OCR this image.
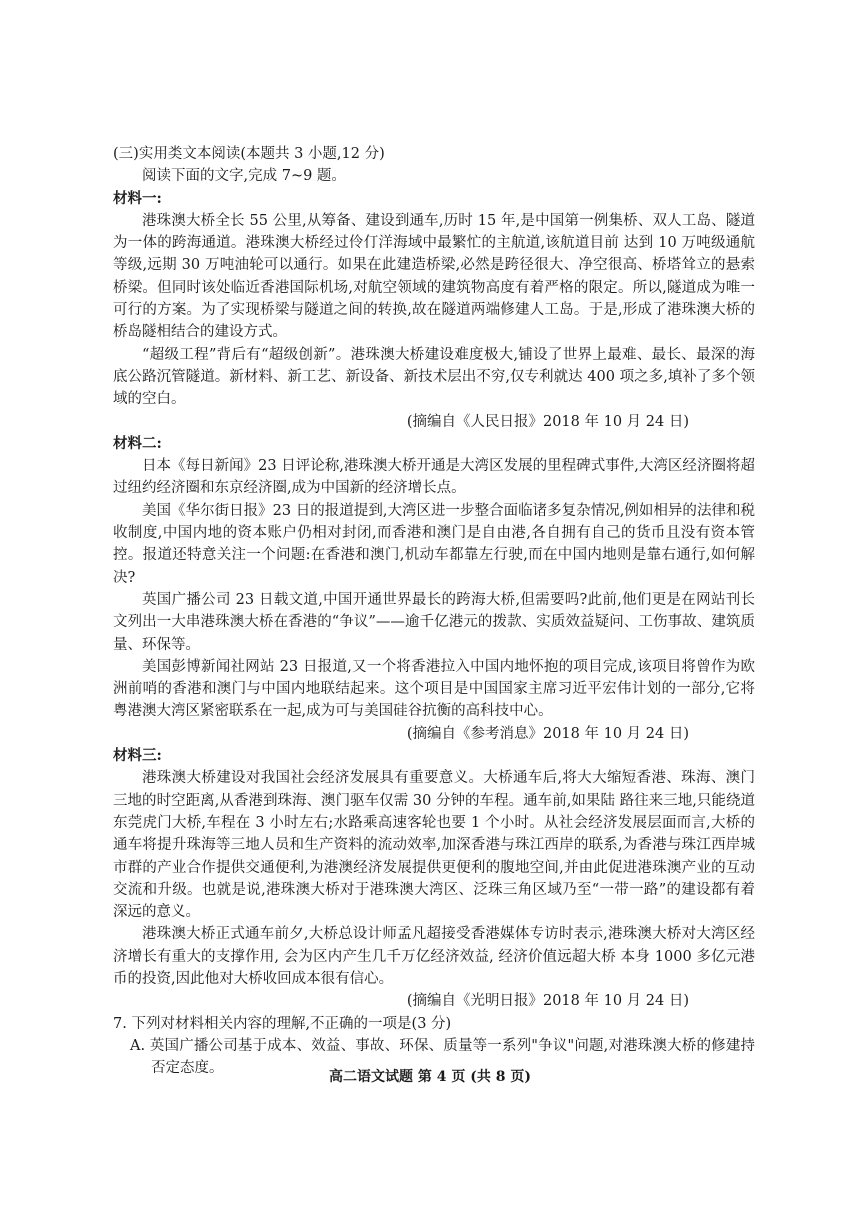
(三)实用类文本阅读(本题共 3 小题,12 分)

阅读下面的文字,完成 7~9 题。

材料一:

港珠澳大桥全长 55 公里,从筹备、建设到通车,历时 15 年,是中国第一例集桥、双人工岛、隧道为一体的跨海通道。港珠澳大桥经过伶仃洋海域中最繁忙的主航道,该航道目前 达到 10 万吨级通航等级,远期 30 万吨油轮可以通行。如果在此建造桥梁,必然是跨径很大、净空很高、桥塔耸立的悬索桥梁。但同时该处临近香港国际机场,对航空领域的建筑物高度有着严格的限定。所以,隧道成为唯一可行的方案。为了实现桥梁与隧道之间的转换,故在隧道两端修建人工岛。于是,形成了港珠澳大桥的桥岛隧相结合的建设方式。

“超级工程”背后有“超级创新”。港珠澳大桥建设难度极大,铺设了世界上最难、最长、最深的海底公路沉管隧道。新材料、新工艺、新设备、新技术层出不穷,仅专利就达 400 项之多,填补了多个领域的空白。

(摘编自《人民日报》2018 年 10 月 24 日)

材料二:

日本《每日新闻》23 日评论称,港珠澳大桥开通是大湾区发展的里程碑式事件,大湾区经济圈将超过纽约经济圈和东京经济圈,成为中国新的经济增长点。

美国《华尔街日报》23 日的报道提到,大湾区进一步整合面临诸多复杂情况,例如相异的法律和税收制度,中国内地的资本账户仍相对封闭,而香港和澳门是自由港,各自拥有自己的货币且没有资本管控。报道还特意关注一个问题:在香港和澳门,机动车都靠左行驶,而在中国内地则是靠右通行,如何解决?

英国广播公司 23 日载文道,中国开通世界最长的跨海大桥,但需要吗?此前,他们更是在网站刊长文列出一大串港珠澳大桥在香港的“争议”——逾千亿港元的拨款、实质效益疑问、工伤事故、建筑质量、环保等。

美国彭博新闻社网站 23 日报道,又一个将香港拉入中国内地怀抱的项目完成,该项目将曾作为欧洲前哨的香港和澳门与中国内地联结起来。这个项目是中国国家主席习近平宏伟计划的一部分,它将粤港澳大湾区紧密联系在一起,成为可与美国硅谷抗衡的高科技中心。

(摘编自《参考消息》2018 年 10 月 24 日)

材料三:

港珠澳大桥建设对我国社会经济发展具有重要意义。大桥通车后,将大大缩短香港、珠海、澳门三地的时空距离,从香港到珠海、澳门驱车仅需 30 分钟的车程。通车前,如果陆 路往来三地,只能绕道东莞虎门大桥,车程在 3 小时左右;水路乘高速客轮也要 1 个小时。从社会经济发展层面而言,大桥的通车将提升珠海等三地人员和生产资料的流动效率,加深香港与珠江西岸的联系,为香港与珠江西岸城市群的产业合作提供交通便利,为港澳经济发展提供更便利的腹地空间,并由此促进港珠澳产业的互动交流和升级。也就是说,港珠澳大桥对于港珠澳大湾区、泛珠三角区域乃至“一带一路”的建设都有着深远的意义。

港珠澳大桥正式通车前夕,大桥总设计师孟凡超接受香港媒体专访时表示,港珠澳大桥对大湾区经济增长有重大的支撑作用, 会为区内产生几千万亿经济效益, 经济价值远超大桥 本身 1000 多亿元港币的投资,因此他对大桥收回成本很有信心。

(摘编自《光明日报》2018 年 10 月 24 日)

7. 下列对材料相关内容的理解,不正确的一项是(3 分)

A. 英国广播公司基于成本、效益、事故、环保、质量等一系列"争议"问题,对港珠澳大桥的修建持否定态度。

高二语文试题 第 4 页 (共 8 页)
